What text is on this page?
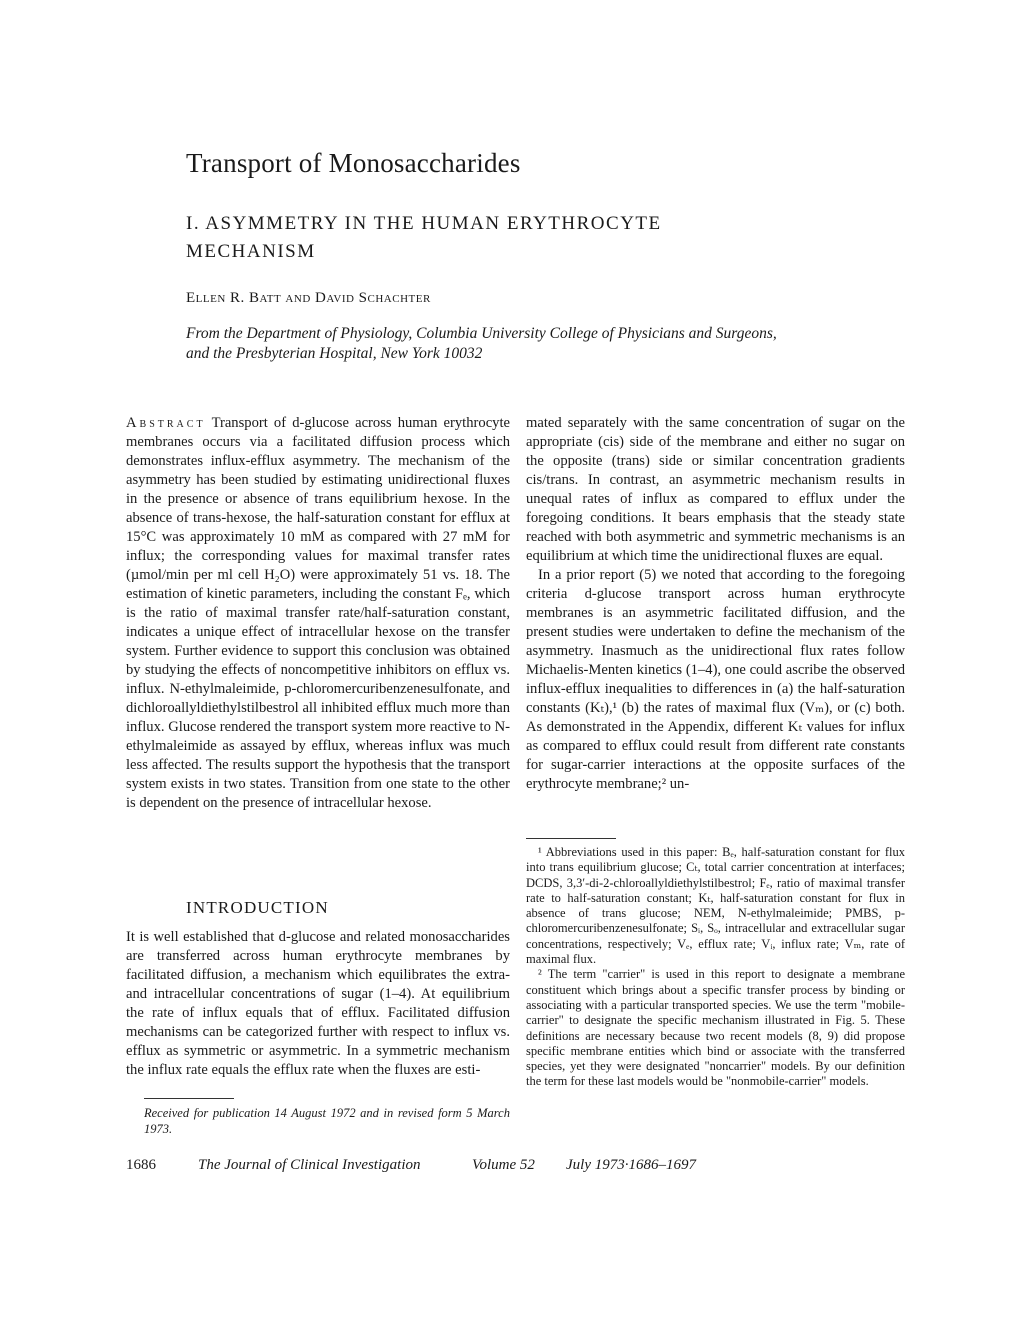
Transport of Monosaccharides
I. ASYMMETRY IN THE HUMAN ERYTHROCYTE MECHANISM
Ellen R. Batt and David Schachter
From the Department of Physiology, Columbia University College of Physicians and Surgeons, and the Presbyterian Hospital, New York 10032
Abstract Transport of d-glucose across human erythrocyte membranes occurs via a facilitated diffusion process which demonstrates influx-efflux asymmetry. The mechanism of the asymmetry has been studied by estimating unidirectional fluxes in the presence or absence of trans equilibrium hexose. In the absence of trans-hexose, the half-saturation constant for efflux at 15°C was approximately 10 mM as compared with 27 mM for influx; the corresponding values for maximal transfer rates (µmol/min per ml cell H₂O) were approximately 51 vs. 18. The estimation of kinetic parameters, including the constant Fₑ, which is the ratio of maximal transfer rate/half-saturation constant, indicates a unique effect of intracellular hexose on the transfer system. Further evidence to support this conclusion was obtained by studying the effects of noncompetitive inhibitors on efflux vs. influx. N-ethylmaleimide, p-chloromercuribenzenesulfonate, and dichloroallyldiethylstilbestrol all inhibited efflux much more than influx. Glucose rendered the transport system more reactive to N-ethylmaleimide as assayed by efflux, whereas influx was much less affected. The results support the hypothesis that the transport system exists in two states. Transition from one state to the other is dependent on the presence of intracellular hexose.
INTRODUCTION

It is well established that d-glucose and related monosaccharides are transferred across human erythrocyte membranes by facilitated diffusion, a mechanism which equilibrates the extra- and intracellular concentrations of sugar (1–4). At equilibrium the rate of influx equals that of efflux. Facilitated diffusion mechanisms can be categorized further with respect to influx vs. efflux as symmetric or asymmetric. In a symmetric mechanism the influx rate equals the efflux rate when the fluxes are esti-

Received for publication 14 August 1972 and in revised form 5 March 1973.

mated separately with the same concentration of sugar on the appropriate (cis) side of the membrane and either no sugar on the opposite (trans) side or similar concentration gradients cis/trans. In contrast, an asymmetric mechanism results in unequal rates of influx as compared to efflux under the foregoing conditions. It bears emphasis that the steady state reached with both asymmetric and symmetric mechanisms is an equilibrium at which time the unidirectional fluxes are equal.

In a prior report (5) we noted that according to the foregoing criteria d-glucose transport across human erythrocyte membranes is an asymmetric facilitated diffusion, and the present studies were undertaken to define the mechanism of the asymmetry. Inasmuch as the unidirectional flux rates follow Michaelis-Menten kinetics (1–4), one could ascribe the observed influx-efflux inequalities to differences in (a) the half-saturation constants (Kₜ),¹ (b) the rates of maximal flux (Vₘ), or (c) both. As demonstrated in the Appendix, different Kₜ values for influx as compared to efflux could result from different rate constants for sugar-carrier interactions at the opposite surfaces of the erythrocyte membrane;² un-

¹ Abbreviations used in this paper: Bₑ, half-saturation constant for flux into trans equilibrium glucose; Cₜ, total carrier concentration at interfaces; DCDS, 3,3′-di-2-chloroallyldiethylstilbestrol; Fₑ, ratio of maximal transfer rate to half-saturation constant; Kₜ, half-saturation constant for flux in absence of trans glucose; NEM, N-ethylmaleimide; PMBS, p-chloromercuribenzenesulfonate; Sᵢ, Sₒ, intracellular and extracellular sugar concentrations, respectively; Vₑ, efflux rate; Vᵢ, influx rate; Vₘ, rate of maximal flux.

² The term "carrier" is used in this report to designate a membrane constituent which brings about a specific transfer process by binding or associating with a particular transported species. We use the term "mobile-carrier" to designate the specific mechanism illustrated in Fig. 5. These definitions are necessary because two recent models (8, 9) did propose specific membrane entities which bind or associate with the transferred species, yet they were designated "noncarrier" models. By our definition the term for these last models would be "nonmobile-carrier" models.

1686	The Journal of Clinical Investigation	Volume 52 July 1973·1686–1697
